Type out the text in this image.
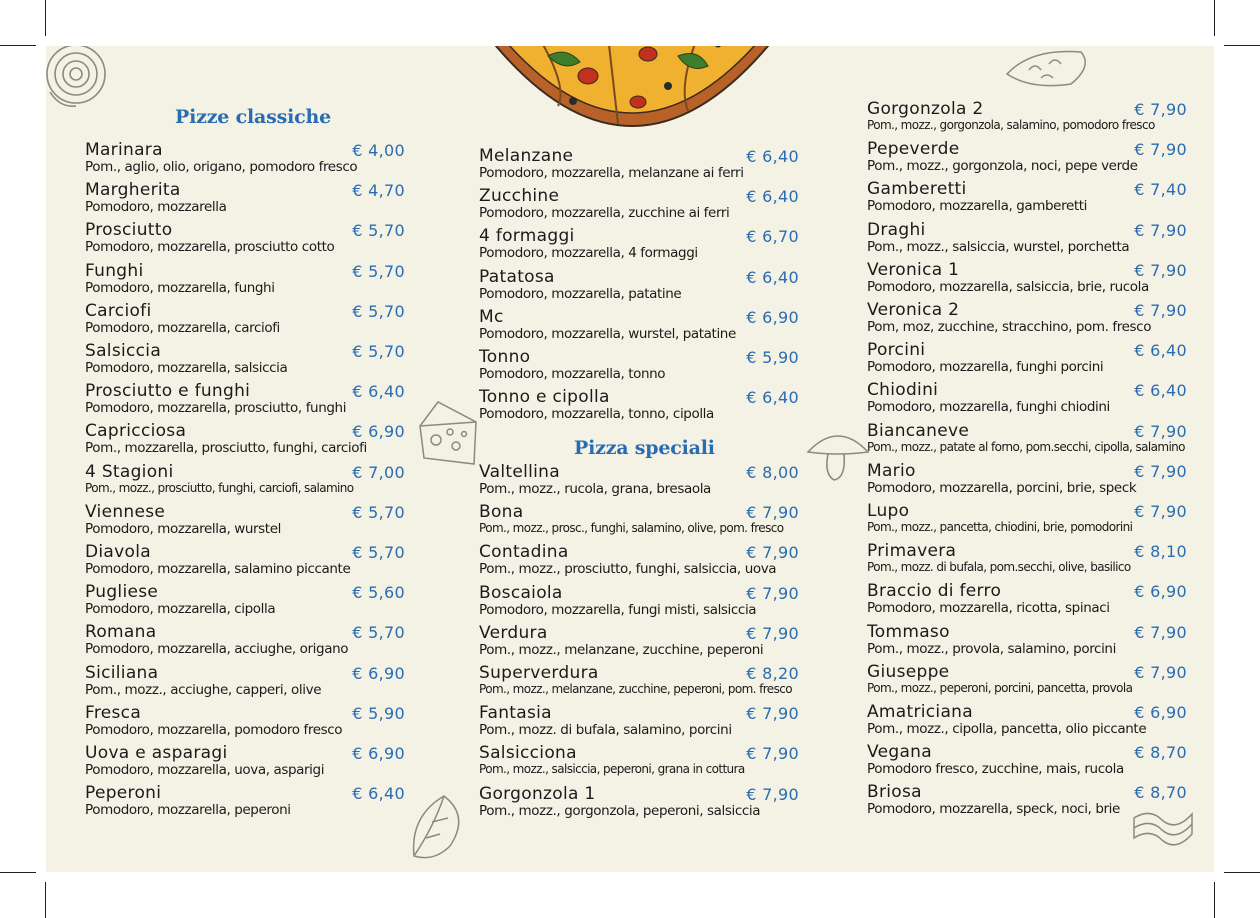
Pizze classiche
Marinara	€ 4,00
Pom., aglio, olio, origano, pomodoro fresco
Margherita	€ 4,70
Pomodoro, mozzarella
Prosciutto	€ 5,70
Pomodoro, mozzarella, prosciutto cotto
Funghi	€ 5,70
Pomodoro, mozzarella, funghi
Carciofi	€ 5,70
Pomodoro, mozzarella, carciofi
Salsiccia	€ 5,70
Pomodoro, mozzarella, salsiccia
Prosciutto e funghi	€ 6,40
Pomodoro, mozzarella, prosciutto, funghi
Capricciosa	€ 6,90
Pom., mozzarella, prosciutto, funghi, carciofi
4 Stagioni	€ 7,00
Pom., mozz., prosciutto, funghi, carciofi, salamino
Viennese	€ 5,70
Pomodoro, mozzarella, wurstel
Diavola	€ 5,70
Pomodoro, mozzarella, salamino piccante
Pugliese	€ 5,60
Pomodoro, mozzarella, cipolla
Romana	€ 5,70
Pomodoro, mozzarella, acciughe, origano
Siciliana	€ 6,90
Pom., mozz., acciughe, capperi, olive
Fresca	€ 5,90
Pomodoro, mozzarella, pomodoro fresco
Uova e asparagi	€ 6,90
Pomodoro, mozzarella, uova, asparigi
Peperoni	€ 6,40
Pomodoro, mozzarella, peperoni
Pizza speciali
Melanzane	€ 6,40
Pomodoro, mozzarella, melanzane ai ferri
Zucchine	€ 6,40
Pomodoro, mozzarella, zucchine ai ferri
4 formaggi	€ 6,70
Pomodoro, mozzarella, 4 formaggi
Patatosa	€ 6,40
Pomodoro, mozzarella, patatine
Mc	€ 6,90
Pomodoro, mozzarella, wurstel, patatine
Tonno	€ 5,90
Pomodoro, mozzarella, tonno
Tonno e cipolla	€ 6,40
Pomodoro, mozzarella, tonno, cipolla
Valtellina	€ 8,00
Pom., mozz., rucola, grana, bresaola
Bona	€ 7,90
Pom., mozz., prosc., funghi, salamino, olive, pom. fresco
Contadina	€ 7,90
Pom., mozz., prosciutto, funghi, salsiccia, uova
Boscaiola	€ 7,90
Pomodoro, mozzarella, fungi misti, salsiccia
Verdura	€ 7,90
Pom., mozz., melanzane, zucchine, peperoni
Superverdura	€ 8,20
Pom., mozz., melanzane, zucchine, peperoni, pom. fresco
Fantasia	€ 7,90
Pom., mozz. di bufala, salamino, porcini
Salsicciona	€ 7,90
Pom., mozz., salsiccia, peperoni, grana in cottura
Gorgonzola 1	€ 7,90
Pom., mozz., gorgonzola, peperoni, salsiccia
Gorgonzola 2	€ 7,90
Pom., mozz., gorgonzola, salamino, pomodoro fresco
Pepeverde	€ 7,90
Pom., mozz., gorgonzola, noci, pepe verde
Gamberetti	€ 7,40
Pomodoro, mozzarella, gamberetti
Draghi	€ 7,90
Pom., mozz., salsiccia, wurstel, porchetta
Veronica 1	€ 7,90
Pomodoro, mozzarella, salsiccia, brie, rucola
Veronica 2	€ 7,90
Pom, moz, zucchine, stracchino, pom. fresco
Porcini	€ 6,40
Pomodoro, mozzarella, funghi porcini
Chiodini	€ 6,40
Pomodoro, mozzarella, funghi chiodini
Biancaneve	€ 7,90
Pom., mozz., patate al forno, pom.secchi, cipolla, salamino
Mario	€ 7,90
Pomodoro, mozzarella, porcini, brie, speck
Lupo	€ 7,90
Pom., mozz., pancetta, chiodini, brie, pomodorini
Primavera	€ 8,10
Pom., mozz. di bufala, pom.secchi, olive, basilico
Braccio di ferro	€ 6,90
Pomodoro, mozzarella, ricotta, spinaci
Tommaso	€ 7,90
Pom., mozz., provola, salamino, porcini
Giuseppe	€ 7,90
Pom., mozz., peperoni, porcini, pancetta, provola
Amatriciana	€ 6,90
Pom., mozz., cipolla, pancetta, olio piccante
Vegana	€ 8,70
Pomodoro fresco, zucchine, mais, rucola
Briosa	€ 8,70
Pomodoro, mozzarella, speck, noci, brie
